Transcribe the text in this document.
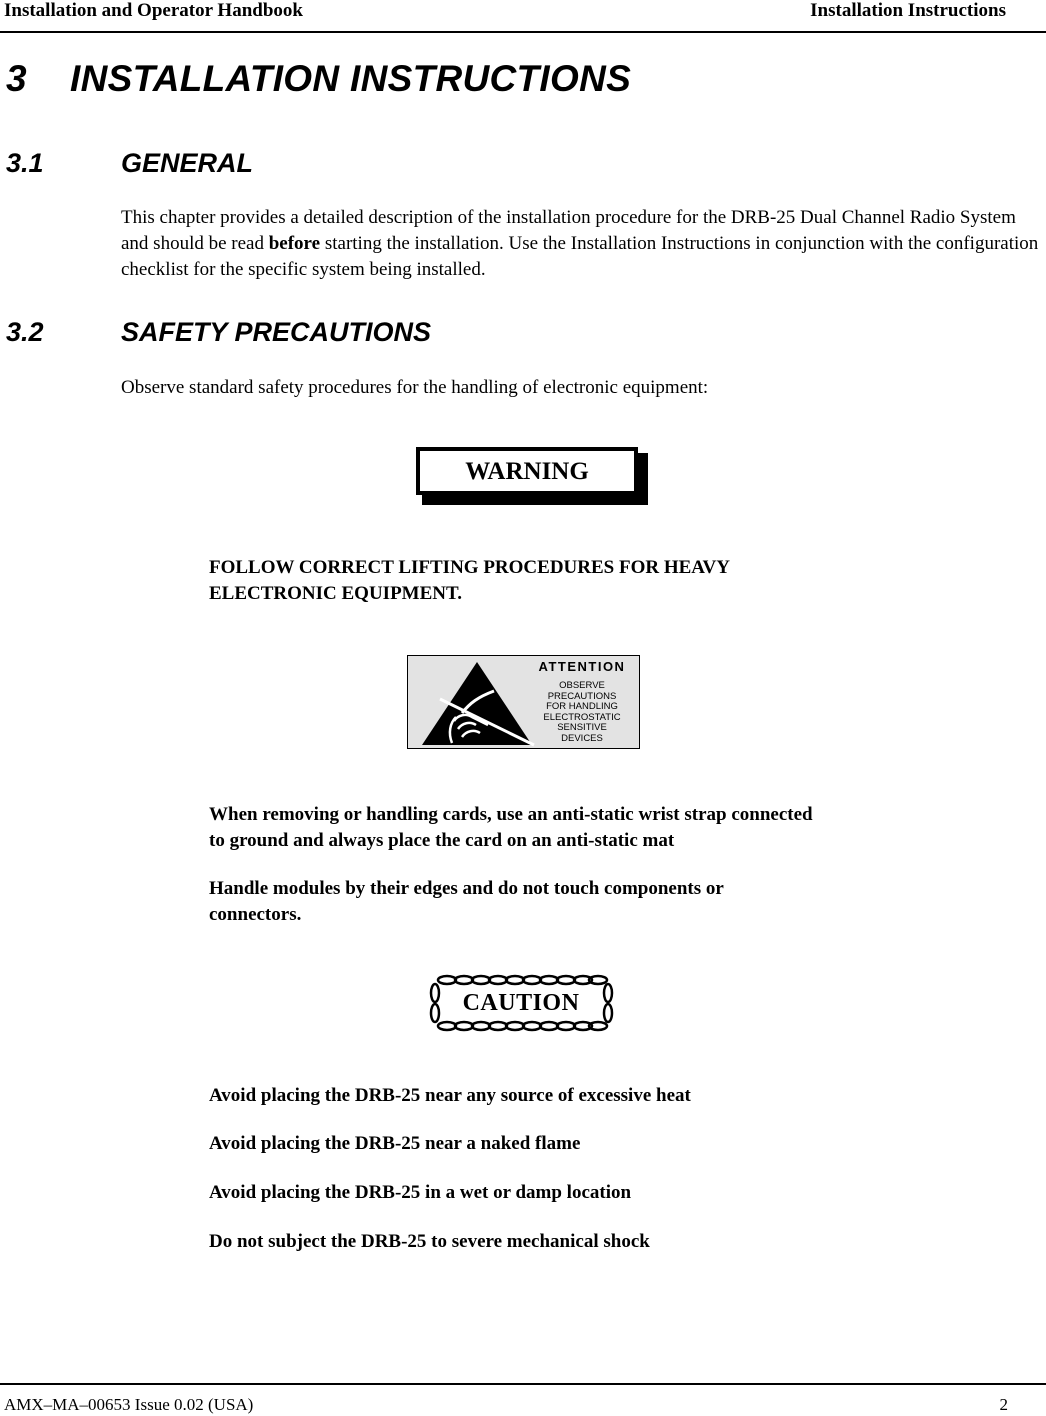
Installation and Operator Handbook	Installation Instructions
3 INSTALLATION INSTRUCTIONS
3.1	GENERAL

This chapter provides a detailed description of the installation procedure for the DRB-25 Dual Channel Radio System and should be read before starting the installation. Use the Installation Instructions in conjunction with the configuration checklist for the specific system being installed.

3.2	SAFETY PRECAUTIONS
Observe standard safety procedures for the handling of electronic equipment:
WARNING

FOLLOW CORRECT LIFTING PROCEDURES FOR HEAVY ELECTRONIC EQUIPMENT.

ATTENTION
OBSERVE
PRECAUTIONS
FOR HANDLING
ELECTROSTATIC
SENSITIVE
DEVICES

When removing or handling cards, use an anti-static wrist strap connected to ground and always place the card on an anti-static mat

Handle modules by their edges and do not touch components or connectors.

CAUTION
Avoid placing the DRB-25 near any source of excessive heat
Avoid placing the DRB-25 near a naked flame
Avoid placing the DRB-25 in a wet or damp location
Do not subject the DRB-25 to severe mechanical shock
AMX–MA–00653 Issue 0.02 (USA)	2
